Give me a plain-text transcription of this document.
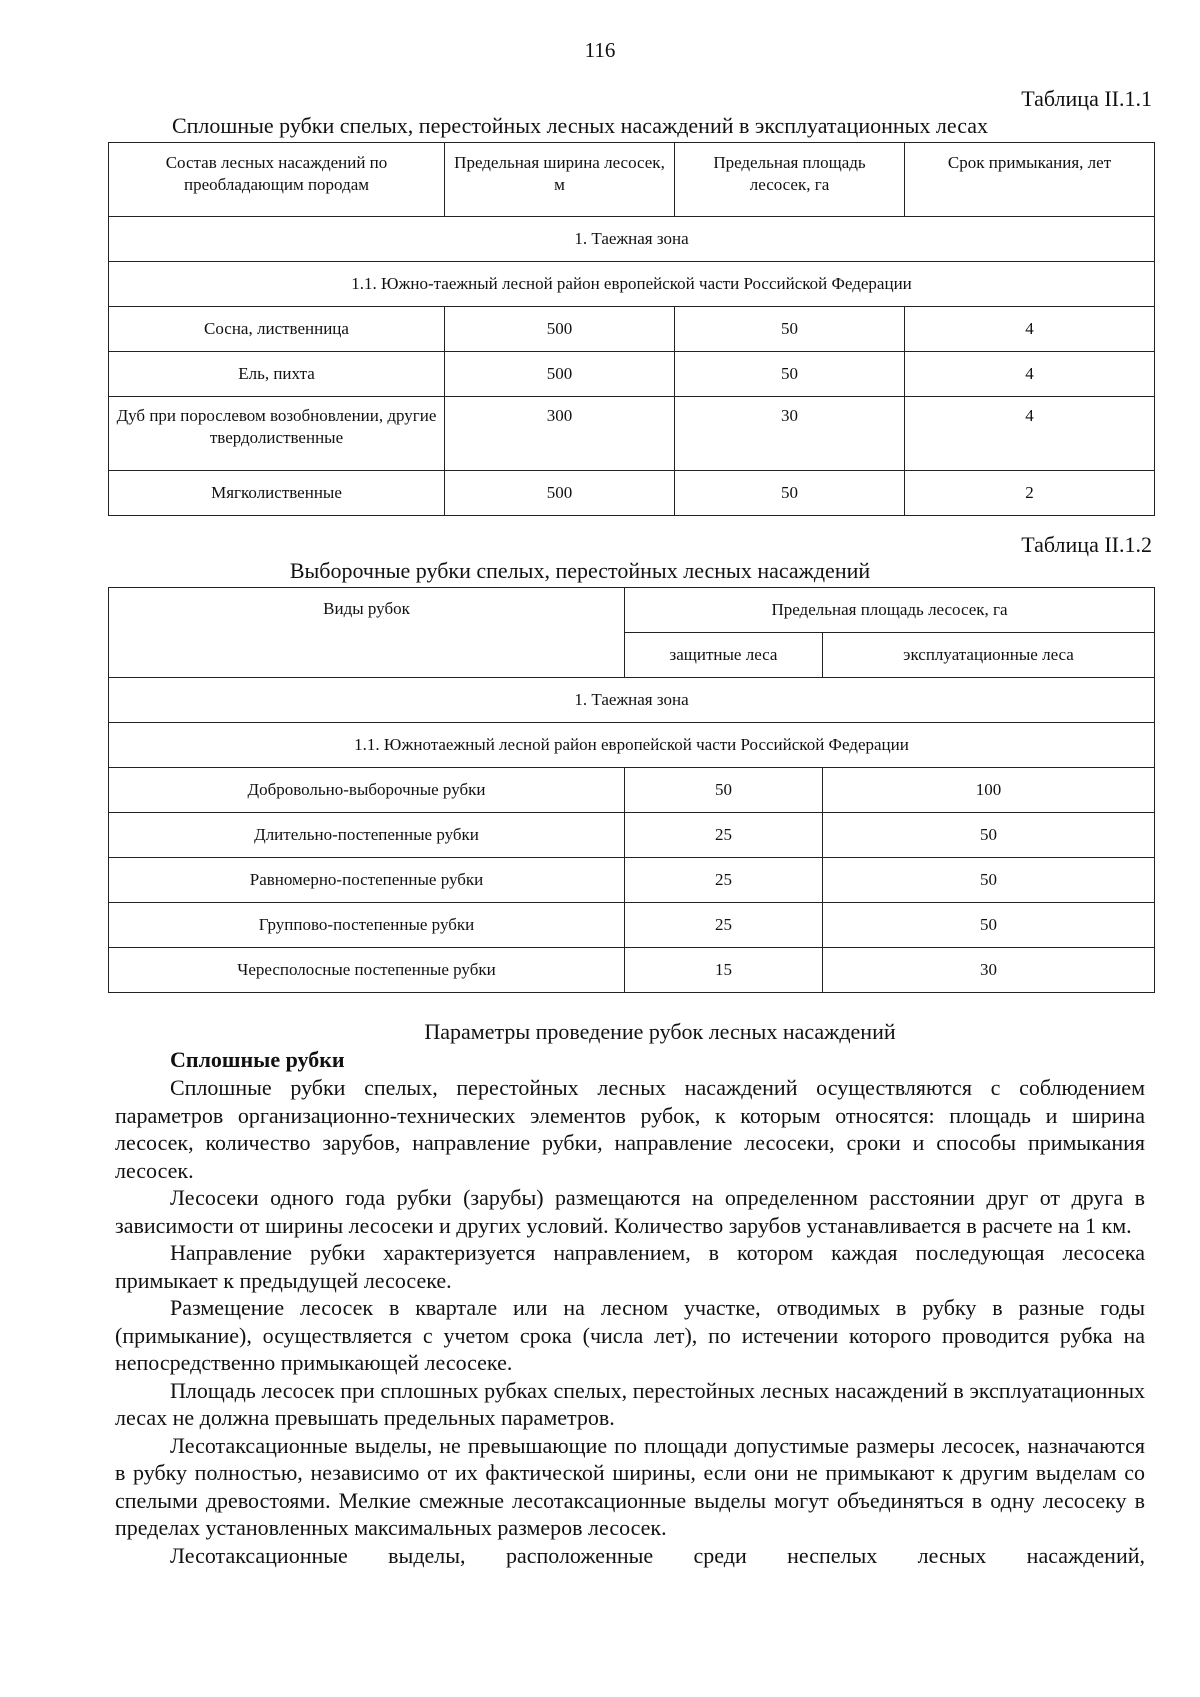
116
Таблица II.1.1
Сплошные рубки спелых, перестойных лесных насаждений в эксплуатационных лесах
Состав лесных насаждений по преобладающим породам	Предельная ширина лесосек, м	Предельная площадь лесосек, га	Срок примыкания, лет
1. Таежная зона			
1.1. Южно-таежный лесной район европейской части Российской Федерации			
Сосна, лиственница	500	50	4
Ель, пихта	500	50	4
Дуб при порослевом возобновлении, другие твердолиственные	300	30	4
Мягколиственные	500	50	2
Таблица II.1.2
Выборочные рубки спелых, перестойных лесных насаждений
Виды рубок	Предельная площадь лесосек, га	
	защитные леса	эксплуатационные леса
1. Таежная зона		
1.1. Южнотаежный лесной район европейской части Российской Федерации		
Добровольно-выборочные рубки	50	100
Длительно-постепенные рубки	25	50
Равномерно-постепенные рубки	25	50
Группово-постепенные рубки	25	50
Чересполосные постепенные рубки	15	30
Параметры проведение рубок лесных насаждений
Сплошные рубки

Сплошные рубки спелых, перестойных лесных насаждений осуществляются с соблюдением параметров организационно-технических элементов рубок, к которым относятся: площадь и ширина лесосек, количество зарубов, направление рубки, направление лесосеки, сроки и способы примыкания лесосек.

Лесосеки одного года рубки (зарубы) размещаются на определенном расстоянии друг от друга в зависимости от ширины лесосеки и других условий. Количество зарубов устанавливается в расчете на 1 км.

Направление рубки характеризуется направлением, в котором каждая последующая лесосека примыкает к предыдущей лесосеке.

Размещение лесосек в квартале или на лесном участке, отводимых в рубку в разные годы (примыкание), осуществляется с учетом срока (числа лет), по истечении которого проводится рубка на непосредственно примыкающей лесосеке.

Площадь лесосек при сплошных рубках спелых, перестойных лесных насаждений в эксплуатационных лесах не должна превышать предельных параметров.

Лесотаксационные выделы, не превышающие по площади допустимые размеры лесосек, назначаются в рубку полностью, независимо от их фактической ширины, если они не примыкают к другим выделам со спелыми древостоями. Мелкие смежные лесотаксационные выделы могут объединяться в одну лесосеку в пределах установленных максимальных размеров лесосек.

Лесотаксационные выделы, расположенные среди неспелых лесных насаждений,
